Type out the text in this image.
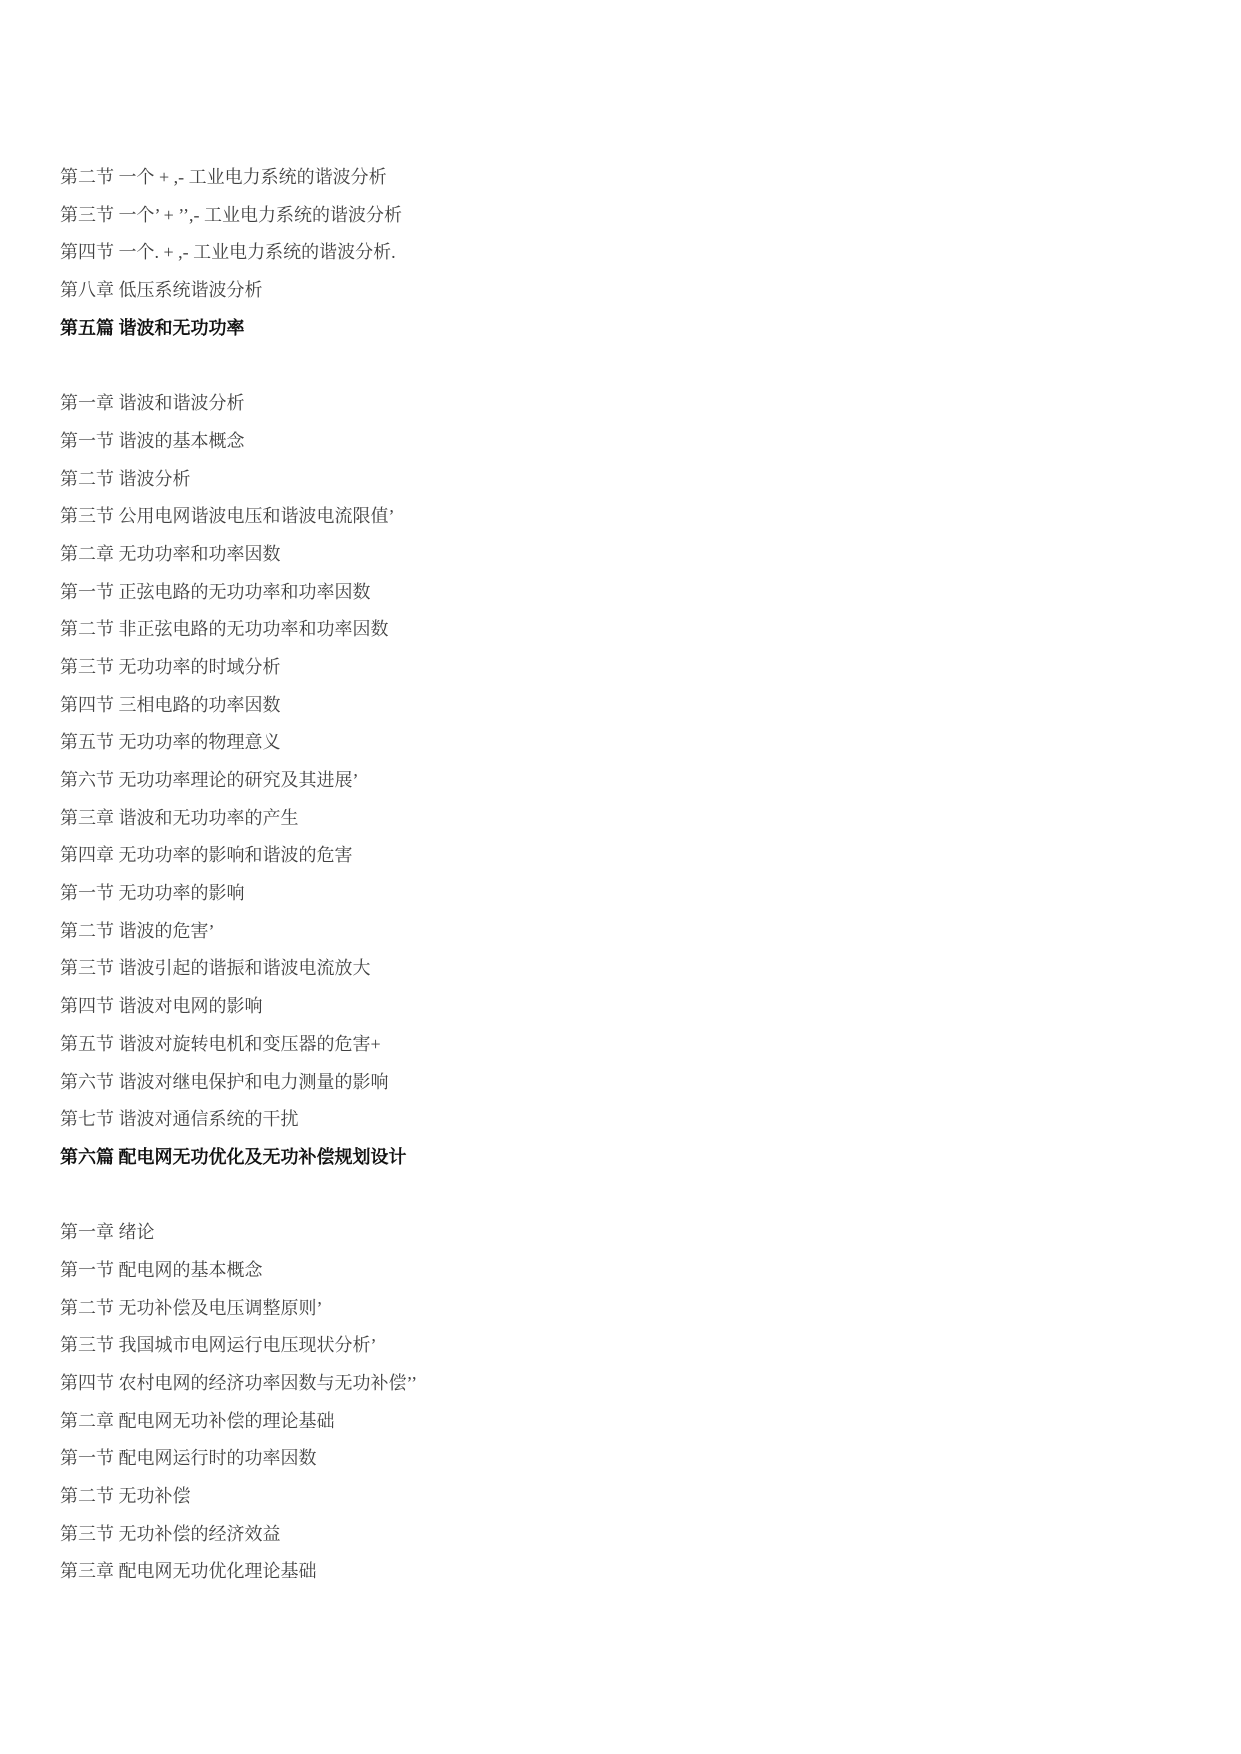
第二节 一个 + ,- 工业电力系统的谐波分析
第三节 一个’ + ’’,- 工业电力系统的谐波分析
第四节 一个. + ,- 工业电力系统的谐波分析.
第八章 低压系统谐波分析
第五篇 谐波和无功功率
第一章 谐波和谐波分析
第一节 谐波的基本概念
第二节 谐波分析
第三节 公用电网谐波电压和谐波电流限值’
第二章 无功功率和功率因数
第一节 正弦电路的无功功率和功率因数
第二节 非正弦电路的无功功率和功率因数
第三节 无功功率的时域分析
第四节 三相电路的功率因数
第五节 无功功率的物理意义
第六节 无功功率理论的研究及其进展’
第三章 谐波和无功功率的产生
第四章 无功功率的影响和谐波的危害
第一节 无功功率的影响
第二节 谐波的危害’
第三节 谐波引起的谐振和谐波电流放大
第四节 谐波对电网的影响
第五节 谐波对旋转电机和变压器的危害+
第六节 谐波对继电保护和电力测量的影响
第七节 谐波对通信系统的干扰
第六篇 配电网无功优化及无功补偿规划设计
第一章 绪论
第一节 配电网的基本概念
第二节 无功补偿及电压调整原则’
第三节 我国城市电网运行电压现状分析’
第四节 农村电网的经济功率因数与无功补偿’’
第二章 配电网无功补偿的理论基础
第一节 配电网运行时的功率因数
第二节 无功补偿
第三节 无功补偿的经济效益
第三章 配电网无功优化理论基础
